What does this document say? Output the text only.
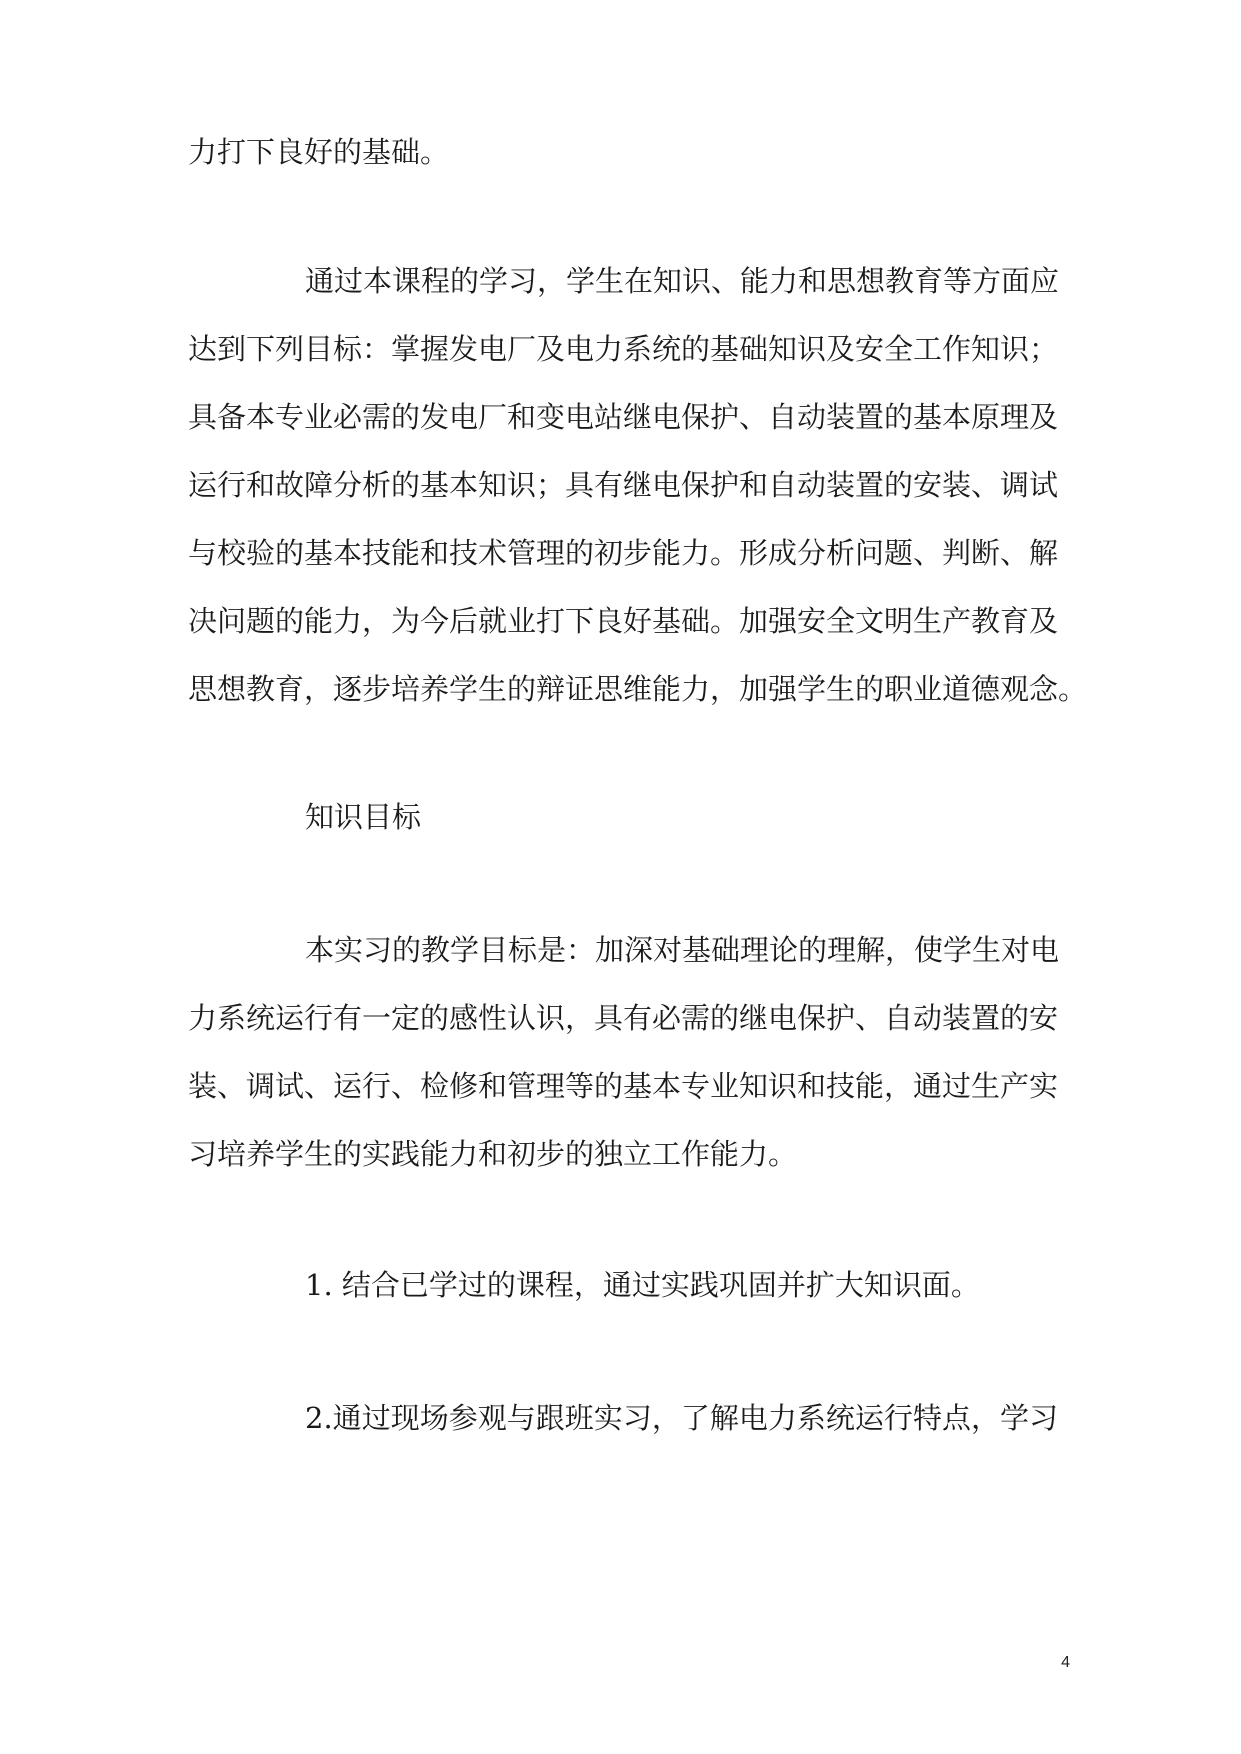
力打下良好的基础。
通过本课程的学习，学生在知识、能力和思想教育等方面应
达到下列目标：掌握发电厂及电力系统的基础知识及安全工作知识；
具备本专业必需的发电厂和变电站继电保护、自动装置的基本原理及
运行和故障分析的基本知识；具有继电保护和自动装置的安装、调试
与校验的基本技能和技术管理的初步能力。形成分析问题、判断、解
决问题的能力，为今后就业打下良好基础。加强安全文明生产教育及
思想教育，逐步培养学生的辩证思维能力，加强学生的职业道德观念。
知识目标
本实习的教学目标是：加深对基础理论的理解，使学生对电
力系统运行有一定的感性认识，具有必需的继电保护、自动装置的安
装、调试、运行、检修和管理等的基本专业知识和技能，通过生产实
习培养学生的实践能力和初步的独立工作能力。
1. 结合已学过的课程，通过实践巩固并扩大知识面。
2.通过现场参观与跟班实习，了解电力系统运行特点，学习
4
